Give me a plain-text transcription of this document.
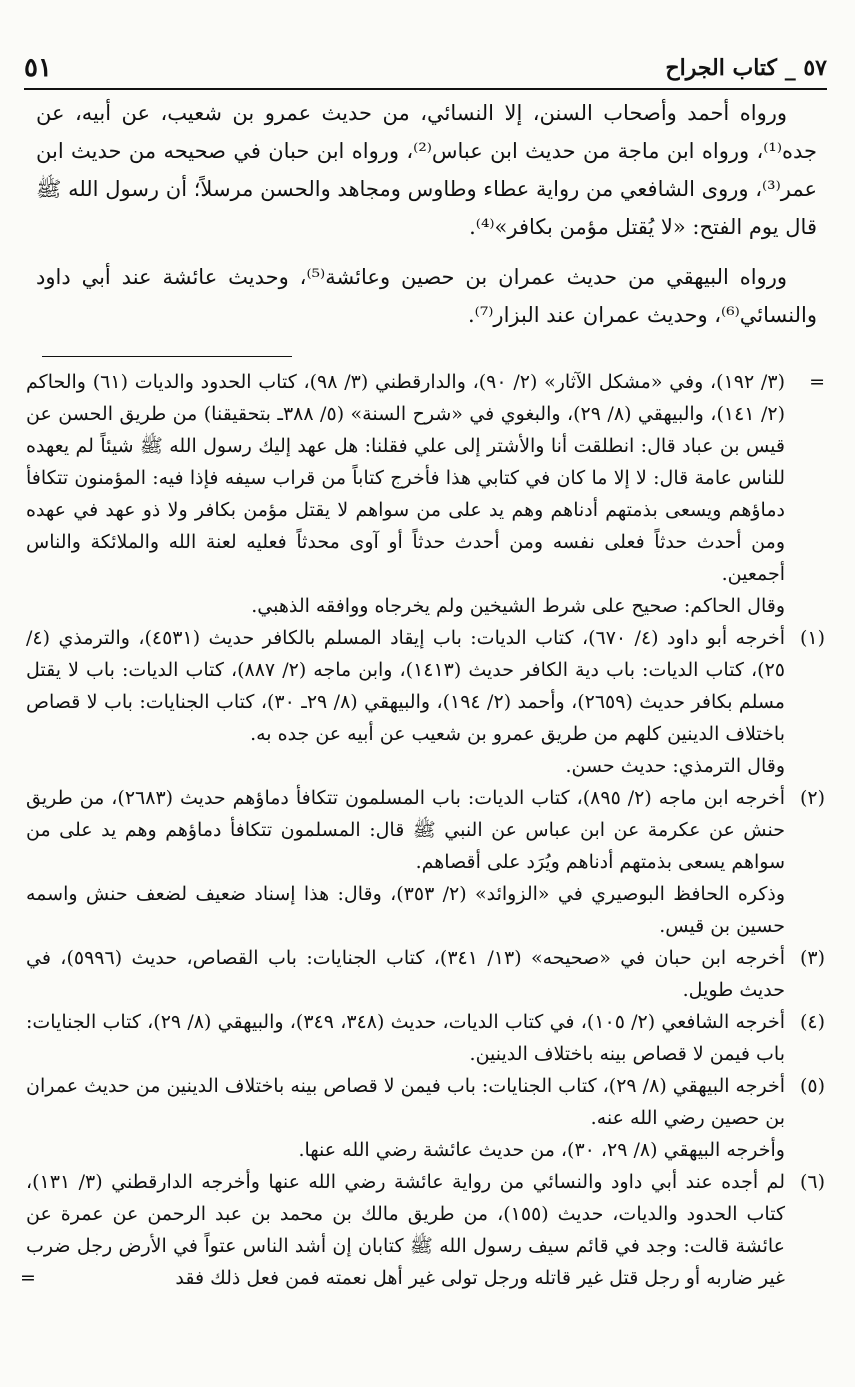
٥٧ _ كتاب الجراح
٥١

ورواه أحمد وأصحاب السنن، إلا النسائي، من حديث عمرو بن شعيب، عن أبيه، عن جده⁽¹⁾، ورواه ابن ماجة من حديث ابن عباس⁽²⁾، ورواه ابن حبان في صحيحه من حديث ابن عمر⁽³⁾، وروى الشافعي من رواية عطاء وطاوس ومجاهد والحسن مرسلاً؛ أن رسول الله ﷺ قال يوم الفتح: «لا يُقتل مؤمن بكافر»⁽⁴⁾.

ورواه البيهقي من حديث عمران بن حصين وعائشة⁽⁵⁾، وحديث عائشة عند أبي داود والنسائي⁽⁶⁾، وحديث عمران عند البزار⁽⁷⁾.

=

(٣/ ١٩٢)، وفي «مشكل الآثار» (٢/ ٩٠)، والدارقطني (٣/ ٩٨)، كتاب الحدود والديات (٦١) والحاكم (٢/ ١٤١)، والبيهقي (٨/ ٢٩)، والبغوي في «شرح السنة» (٥/ ٣٨٨ـ بتحقيقنا) من طريق الحسن عن قيس بن عباد قال: انطلقت أنا والأشتر إلى علي فقلنا: هل عهد إليك رسول الله ﷺ شيئاً لم يعهده للناس عامة قال: لا إلا ما كان في كتابي هذا فأخرج كتاباً من قراب سيفه فإذا فيه: المؤمنون تتكافأ دماؤهم ويسعى بذمتهم أدناهم وهم يد على من سواهم لا يقتل مؤمن بكافر ولا ذو عهد في عهده ومن أحدث حدثاً فعلى نفسه ومن أحدث حدثاً أو آوى محدثاً فعليه لعنة الله والملائكة والناس أجمعين.

وقال الحاكم: صحيح على شرط الشيخين ولم يخرجاه ووافقه الذهبي.

(١)

أخرجه أبو داود (٤/ ٦٧٠)، كتاب الديات: باب إيقاد المسلم بالكافر حديث (٤٥٣١)، والترمذي (٤/ ٢٥)، كتاب الديات: باب دية الكافر حديث (١٤١٣)، وابن ماجه (٢/ ٨٨٧)، كتاب الديات: باب لا يقتل مسلم بكافر حديث (٢٦٥٩)، وأحمد (٢/ ١٩٤)، والبيهقي (٨/ ٢٩ـ ٣٠)، كتاب الجنايات: باب لا قصاص باختلاف الدينين كلهم من طريق عمرو بن شعيب عن أبيه عن جده به.

وقال الترمذي: حديث حسن.

(٢)

أخرجه ابن ماجه (٢/ ٨٩٥)، كتاب الديات: باب المسلمون تتكافأ دماؤهم حديث (٢٦٨٣)، من طريق حنش عن عكرمة عن ابن عباس عن النبي ﷺ قال: المسلمون تتكافأ دماؤهم وهم يد على من سواهم يسعى بذمتهم أدناهم ويُرَد على أقصاهم.

وذكره الحافظ البوصيري في «الزوائد» (٢/ ٣٥٣)، وقال: هذا إسناد ضعيف لضعف حنش واسمه حسين بن قيس.

(٣)

أخرجه ابن حبان في «صحيحه» (١٣/ ٣٤١)، كتاب الجنايات: باب القصاص، حديث (٥٩٩٦)، في حديث طويل.

(٤)

أخرجه الشافعي (٢/ ١٠٥)، في كتاب الديات، حديث (٣٤٨، ٣٤٩)، والبيهقي (٨/ ٢٩)، كتاب الجنايات: باب فيمن لا قصاص بينه باختلاف الدينين.

(٥)

أخرجه البيهقي (٨/ ٢٩)، كتاب الجنايات: باب فيمن لا قصاص بينه باختلاف الدينين من حديث عمران بن حصين رضي الله عنه.

وأخرجه البيهقي (٨/ ٢٩، ٣٠)، من حديث عائشة رضي الله عنها.

(٦)

لم أجده عند أبي داود والنسائي من رواية عائشة رضي الله عنها وأخرجه الدارقطني (٣/ ١٣١)، كتاب الحدود والديات، حديث (١٥٥)، من طريق مالك بن محمد بن عبد الرحمن عن عمرة عن عائشة قالت: وجد في قائم سيف رسول الله ﷺ كتابان إن أشد الناس عتواً في الأرض رجل ضرب غير ضاربه أو رجل قتل غير قاتله ورجل تولى غير أهل نعمته فمن فعل ذلك فقد

=
